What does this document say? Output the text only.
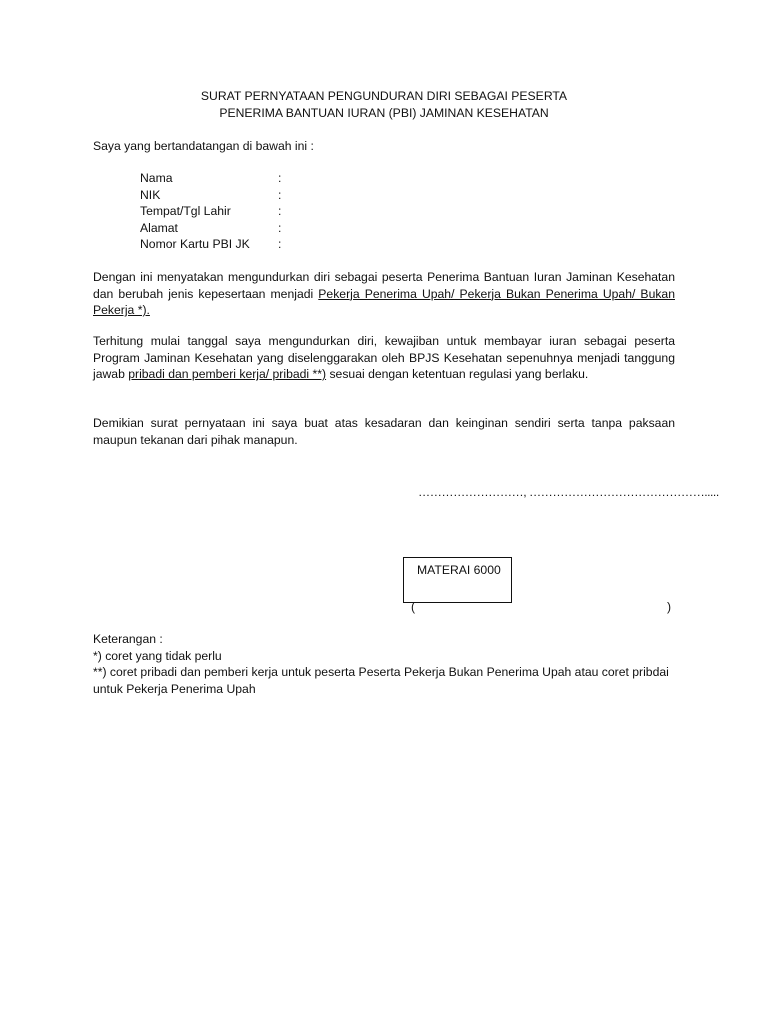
SURAT PERNYATAAN PENGUNDURAN DIRI SEBAGAI PESERTA
PENERIMA BANTUAN IURAN (PBI) JAMINAN KESEHATAN
Saya yang bertandatangan di bawah ini :
Nama	:
NIK	:
Tempat/Tgl Lahir	:
Alamat	:
Nomor Kartu PBI JK :
Dengan ini menyatakan mengundurkan diri sebagai peserta Penerima Bantuan Iuran Jaminan Kesehatan dan berubah jenis kepesertaan menjadi Pekerja Penerima Upah/ Pekerja Bukan Penerima Upah/ Bukan Pekerja *).
Terhitung mulai tanggal saya mengundurkan diri, kewajiban untuk membayar iuran sebagai peserta Program Jaminan Kesehatan yang diselenggarakan oleh BPJS Kesehatan sepenuhnya menjadi tanggung jawab pribadi dan pemberi kerja/ pribadi **) sesuai dengan ketentuan regulasi yang berlaku.
Demikian surat pernyataan ini saya buat atas kesadaran dan keinginan sendiri serta tanpa paksaan maupun tekanan dari pihak manapun.
………………………, ……………………………………….....
MATERAI 6000
(	)
Keterangan :
*) coret yang tidak perlu
**) coret pribadi dan pemberi kerja untuk peserta Peserta Pekerja Bukan Penerima Upah atau coret pribdai untuk Pekerja Penerima Upah
